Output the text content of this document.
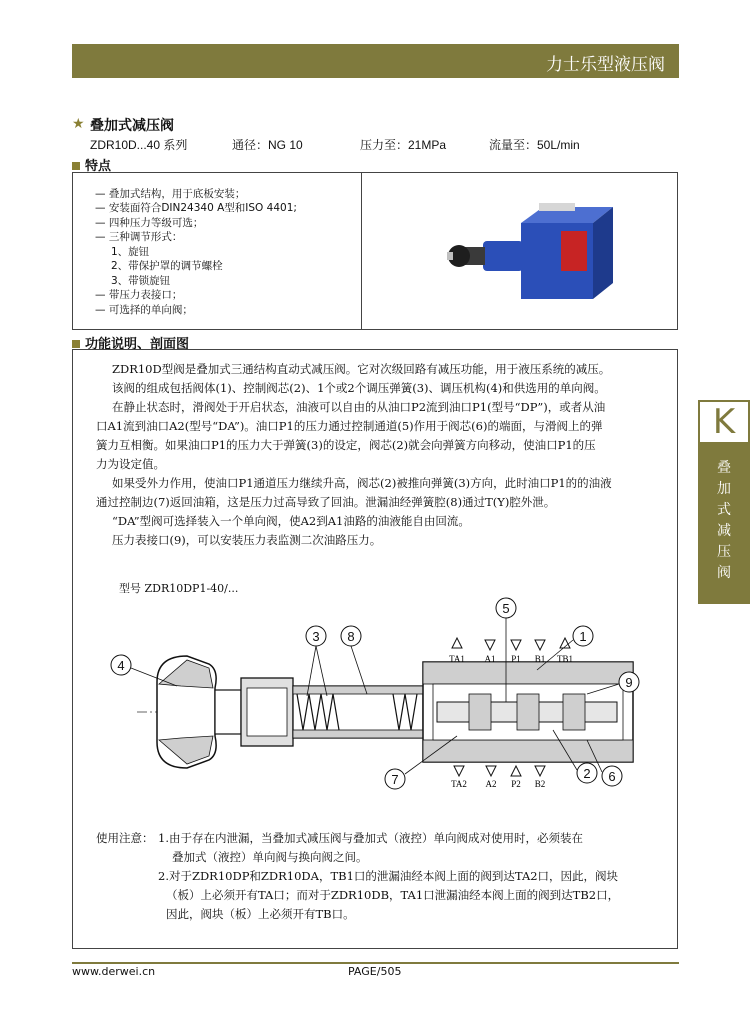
力士乐型液压阀
★ 叠加式减压阀
ZDR10D...40 系列	通径：NG 10	压力至：21MPa	流量至：50L/min
特点
— 叠加式结构，用于底板安装；
— 安装面符合DIN24340 A型和ISO 4401;
— 四种压力等级可选；
— 三种调节形式：
1、旋钮
2、带保护罩的调节螺栓
3、带锁旋钮
— 带压力表接口；
— 可选择的单向阀；
功能说明、剖面图
ZDR10D型阀是叠加式三通结构直动式减压阀。它对次级回路有减压功能，用于液压系统的减压。
该阀的组成包括阀体(1)、控制阀芯(2)、1个或2个调压弹簧(3)、调压机构(4)和供选用的单向阀。
在静止状态时，滑阀处于开启状态，油液可以自由的从油口P2流到油口P1(型号“DP”)，或者从油
口A1流到油口A2(型号“DA”)。油口P1的压力通过控制通道(5)作用于阀芯(6)的端面，与滑阀上的弹
簧力互相衡。如果油口P1的压力大于弹簧(3)的设定，阀芯(2)就会向弹簧方向移动，使油口P1的压
力为设定值。
如果受外力作用，使油口P1通道压力继续升高，阀芯(2)被推向弹簧(3)方向，此时油口P1的的油液
通过控制边(7)返回油箱，这是压力过高导致了回油。泄漏油经弹簧腔(8)通过T(Y)腔外泄。
“DA”型阀可选择装入一个单向阀，使A2到A1油路的油液能自由回流。
压力表接口(9)，可以安装压力表监测二次油路压力。
型号 ZDR10DP1-40/...
TA1 A1 P1 B1 TB1
TA2 A2 P2 B2
1
2
3
4
5
6
7
8
9
使用注意： 1.由于存在内泄漏，当叠加式减压阀与叠加式（液控）单向阀成对使用时，必须装在
叠加式（液控）单向阀与换向阀之间。
2.对于ZDR10DP和ZDR10DA，TB1口的泄漏油经本阀上面的阀到达TA2口，因此，阀块
（板）上必须开有TA口；而对于ZDR10DB，TA1口泄漏油经本阀上面的阀到达TB2口，
因此，阀块（板）上必须开有TB口。
K
叠
加
式
减
压
阀
www.derwei.cn	PAGE/505
